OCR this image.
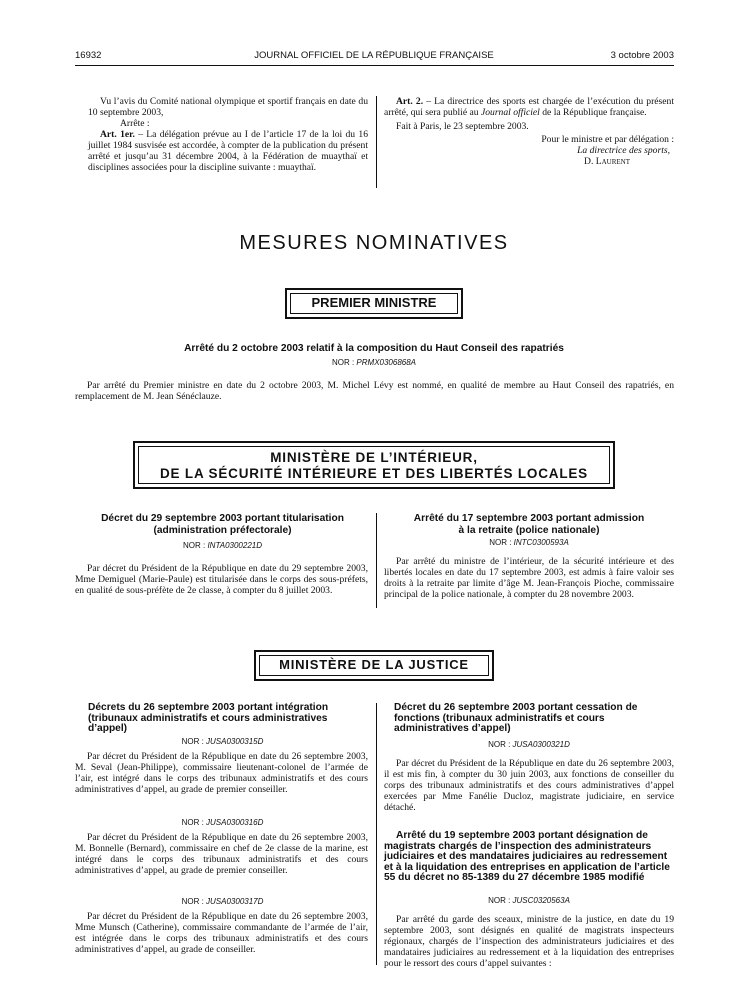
16932	JOURNAL OFFICIEL DE LA RÉPUBLIQUE FRANÇAISE	3 octobre 2003

Vu l’avis du Comité national olympique et sportif français en date du 10 septembre 2003,

Arrête :

Art. 1er. – La délégation prévue au I de l’article 17 de la loi du 16 juillet 1984 susvisée est accordée, à compter de la publication du présent arrêté et jusqu’au 31 décembre 2004, à la Fédération de muaythaï et disciplines associées pour la discipline suivante : muaythaï.

Art. 2. – La directrice des sports est chargée de l’exécution du présent arrêté, qui sera publié au Journal officiel de la République française.

Fait à Paris, le 23 septembre 2003.

Pour le ministre et par délégation :

La directrice des sports,

D. Laurent

MESURES NOMINATIVES
PREMIER MINISTRE
Arrêté du 2 octobre 2003 relatif à la composition du Haut Conseil des rapatriés
NOR : PRMX0306868A
Par arrêté du Premier ministre en date du 2 octobre 2003, M. Michel Lévy est nommé, en qualité de membre au Haut Conseil des rapatriés, en remplacement de M. Jean Sénéclauze.
MINISTÈRE DE L’INTÉRIEUR,
DE LA SÉCURITÉ INTÉRIEURE ET DES LIBERTÉS LOCALES
Décret du 29 septembre 2003 portant titularisation
(administration préfectorale)
NOR : INTA0300221D
Par décret du Président de la République en date du 29 septembre 2003, Mme Demiguel (Marie-Paule) est titularisée dans le corps des sous-préfets, en qualité de sous-préfète de 2e classe, à compter du 8 juillet 2003.
Arrêté du 17 septembre 2003 portant admission
à la retraite (police nationale)
NOR : INTC0300593A
Par arrêté du ministre de l’intérieur, de la sécurité intérieure et des libertés locales en date du 17 septembre 2003, est admis à faire valoir ses droits à la retraite par limite d’âge M. Jean-François Pioche, commissaire principal de la police nationale, à compter du 28 novembre 2003.
MINISTÈRE DE LA JUSTICE
Décrets du 26 septembre 2003 portant intégration (tribunaux administratifs et cours administratives d’appel)
NOR : JUSA0300315D
Par décret du Président de la République en date du 26 septembre 2003, M. Seval (Jean-Philippe), commissaire lieutenant-colonel de l’armée de l’air, est intégré dans le corps des tribunaux administratifs et des cours administratives d’appel, au grade de premier conseiller.
NOR : JUSA0300316D
Par décret du Président de la République en date du 26 septembre 2003, M. Bonnelle (Bernard), commissaire en chef de 2e classe de la marine, est intégré dans le corps des tribunaux administratifs et des cours administratives d’appel, au grade de premier conseiller.
NOR : JUSA0300317D
Par décret du Président de la République en date du 26 septembre 2003, Mme Munsch (Catherine), commissaire commandante de l’armée de l’air, est intégrée dans le corps des tribunaux administratifs et des cours administratives d’appel, au grade de conseiller.
Décret du 26 septembre 2003 portant cessation de fonctions (tribunaux administratifs et cours administratives d’appel)
NOR : JUSA0300321D
Par décret du Président de la République en date du 26 septembre 2003, il est mis fin, à compter du 30 juin 2003, aux fonctions de conseiller du corps des tribunaux administratifs et des cours administratives d’appel exercées par Mme Fanélie Ducloz, magistrate judiciaire, en service détaché.
Arrêté du 19 septembre 2003 portant désignation de magistrats chargés de l’inspection des administrateurs judiciaires et des mandataires judiciaires au redressement et à la liquidation des entreprises en application de l’article 55 du décret no 85-1389 du 27 décembre 1985 modifié
NOR : JUSC0320563A
Par arrêté du garde des sceaux, ministre de la justice, en date du 19 septembre 2003, sont désignés en qualité de magistrats inspecteurs régionaux, chargés de l’inspection des administrateurs judiciaires et des mandataires judiciaires au redressement et à la liquidation des entreprises pour le ressort des cours d’appel suivantes :
